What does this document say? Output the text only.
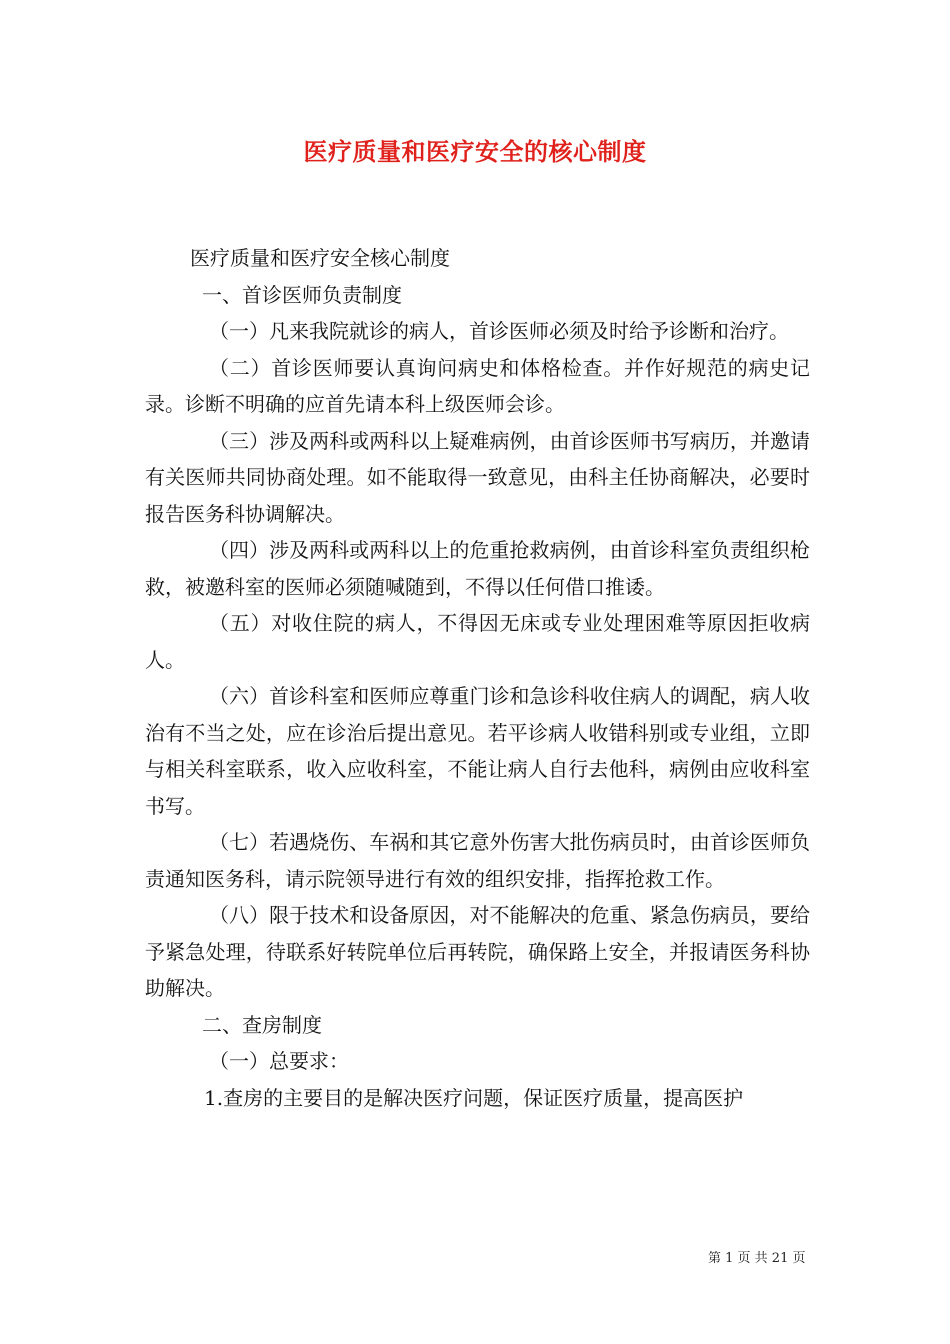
医疗质量和医疗安全的核心制度

医疗质量和医疗安全核心制度

一、首诊医师负责制度

（一）凡来我院就诊的病人，首诊医师必须及时给予诊断和治疗。

（二）首诊医师要认真询问病史和体格检查。并作好规范的病史记录。诊断不明确的应首先请本科上级医师会诊。

（三）涉及两科或两科以上疑难病例，由首诊医师书写病历，并邀请有关医师共同协商处理。如不能取得一致意见，由科主任协商解决，必要时报告医务科协调解决。

（四）涉及两科或两科以上的危重抢救病例，由首诊科室负责组织枪救，被邀科室的医师必须随喊随到，不得以任何借口推诿。

（五）对收住院的病人，不得因无床或专业处理困难等原因拒收病人。

（六）首诊科室和医师应尊重门诊和急诊科收住病人的调配，病人收治有不当之处，应在诊治后提出意见。若平诊病人收错科别或专业组，立即与相关科室联系，收入应收科室，不能让病人自行去他科，病例由应收科室书写。

（七）若遇烧伤、车祸和其它意外伤害大批伤病员时，由首诊医师负责通知医务科，请示院领导进行有效的组织安排，指挥抢救工作。

（八）限于技术和设备原因，对不能解决的危重、紧急伤病员，要给予紧急处理，待联系好转院单位后再转院，确保路上安全，并报请医务科协助解决。

二、查房制度

（一）总要求：

1.查房的主要目的是解决医疗问题，保证医疗质量，提高医护

第 1 页 共 21 页
